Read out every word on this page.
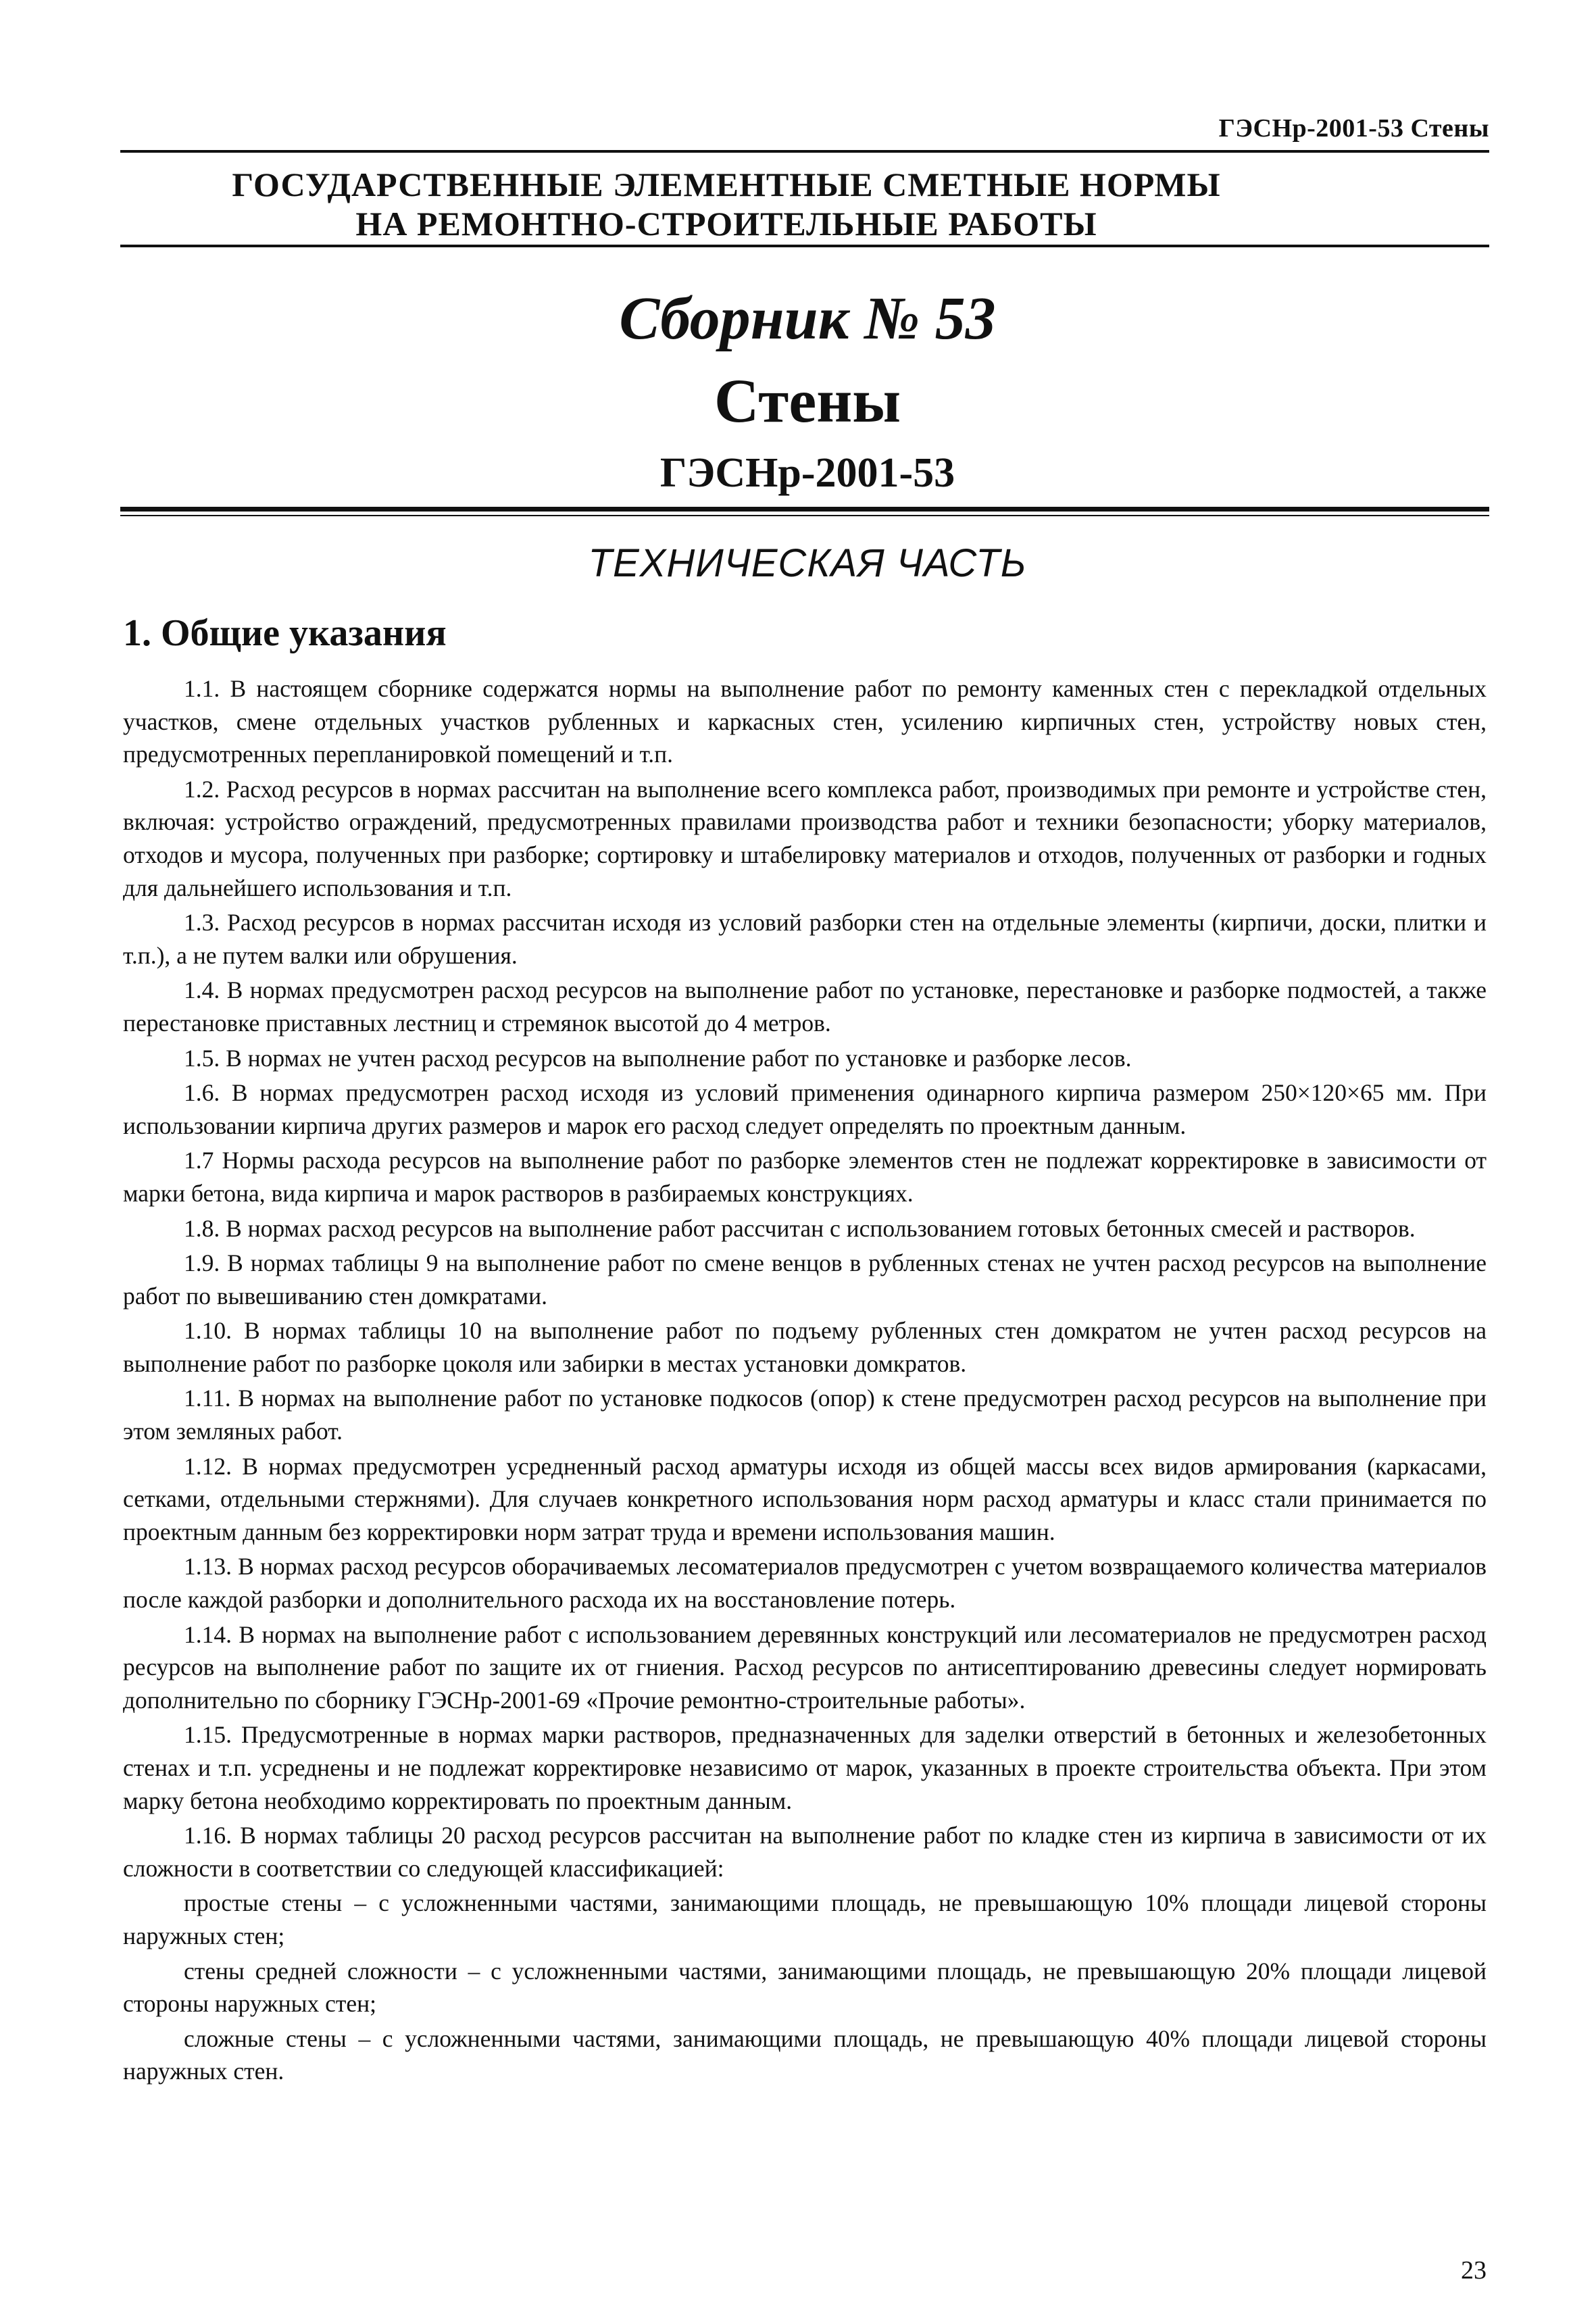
ГЭСНр-2001-53 Стены
ГОСУДАРСТВЕННЫЕ ЭЛЕМЕНТНЫЕ СМЕТНЫЕ НОРМЫ
НА РЕМОНТНО-СТРОИТЕЛЬНЫЕ РАБОТЫ
Сборник № 53
Стены
ГЭСНр-2001-53
ТЕХНИЧЕСКАЯ ЧАСТЬ
1. Общие указания

1.1. В настоящем сборнике содержатся нормы на выполнение работ по ремонту каменных стен с перекладкой отдельных участков, смене отдельных участков рубленных и каркасных стен, усилению кирпичных стен, устройству новых стен, предусмотренных перепланировкой помещений и т.п.

1.2. Расход ресурсов в нормах рассчитан на выполнение всего комплекса работ, производимых при ремонте и устройстве стен, включая: устройство ограждений, предусмотренных правилами производства работ и техники безопасности; уборку материалов, отходов и мусора, полученных при разборке; сортировку и штабелировку материалов и отходов, полученных от разборки и годных для дальнейшего использования и т.п.

1.3. Расход ресурсов в нормах рассчитан исходя из условий разборки стен на отдельные элементы (кирпичи, доски, плитки и т.п.), а не путем валки или обрушения.

1.4. В нормах предусмотрен расход ресурсов на выполнение работ по установке, перестановке и разборке подмостей, а также перестановке приставных лестниц и стремянок высотой до 4 метров.

1.5. В нормах не учтен расход ресурсов на выполнение работ по установке и разборке лесов.

1.6. В нормах предусмотрен расход исходя из условий применения одинарного кирпича размером 250×120×65 мм. При использовании кирпича других размеров и марок его расход следует определять по проектным данным.

1.7 Нормы расхода ресурсов на выполнение работ по разборке элементов стен не подлежат корректировке в зависимости от марки бетона, вида кирпича и марок растворов в разбираемых конструкциях.

1.8. В нормах расход ресурсов на выполнение работ рассчитан с использованием готовых бетонных смесей и растворов.

1.9. В нормах таблицы 9 на выполнение работ по смене венцов в рубленных стенах не учтен расход ресурсов на выполнение работ по вывешиванию стен домкратами.

1.10. В нормах таблицы 10 на выполнение работ по подъему рубленных стен домкратом не учтен расход ресурсов на выполнение работ по разборке цоколя или забирки в местах установки домкратов.

1.11. В нормах на выполнение работ по установке подкосов (опор) к стене предусмотрен расход ресурсов на выполнение при этом земляных работ.

1.12. В нормах предусмотрен усредненный расход арматуры исходя из общей массы всех видов армирования (каркасами, сетками, отдельными стержнями). Для случаев конкретного использования норм расход арматуры и класс стали принимается по проектным данным без корректировки норм затрат труда и времени использования машин.

1.13. В нормах расход ресурсов оборачиваемых лесоматериалов предусмотрен с учетом возвращаемого количества материалов после каждой разборки и дополнительного расхода их на восстановление потерь.

1.14. В нормах на выполнение работ с использованием деревянных конструкций или лесоматериалов не предусмотрен расход ресурсов на выполнение работ по защите их от гниения. Расход ресурсов по антисептированию древесины следует нормировать дополнительно по сборнику ГЭСНр-2001-69 «Прочие ремонтно-строительные работы».

1.15. Предусмотренные в нормах марки растворов, предназначенных для заделки отверстий в бетонных и железобетонных стенах и т.п. усреднены и не подлежат корректировке независимо от марок, указанных в проекте строительства объекта. При этом марку бетона необходимо корректировать по проектным данным.

1.16. В нормах таблицы 20 расход ресурсов рассчитан на выполнение работ по кладке стен из кирпича в зависимости от их сложности в соответствии со следующей классификацией:

простые стены – с усложненными частями, занимающими площадь, не превышающую 10% площади лицевой стороны наружных стен;

стены средней сложности – с усложненными частями, занимающими площадь, не превышающую 20% площади лицевой стороны наружных стен;

сложные стены – с усложненными частями, занимающими площадь, не превышающую 40% площади лицевой стороны наружных стен.

23
